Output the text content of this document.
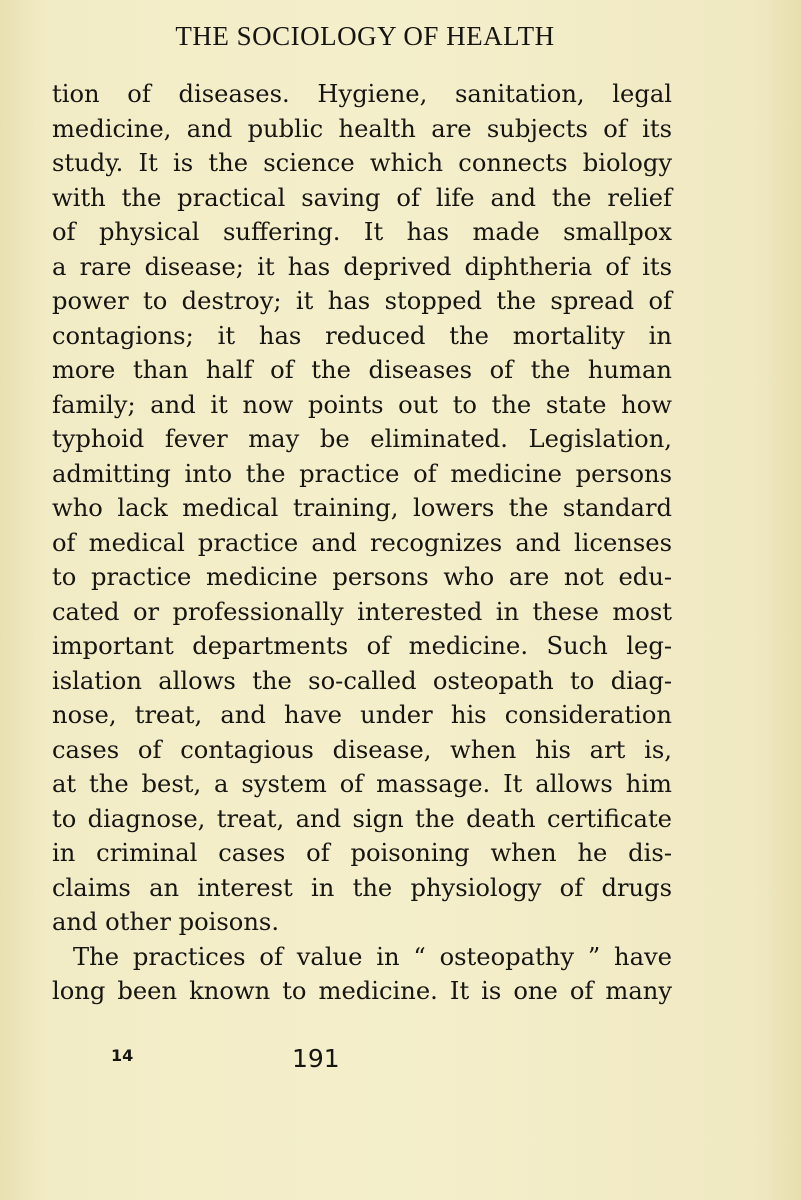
THE SOCIOLOGY OF HEALTH
tion of diseases. Hygiene, sanitation, legal
medicine, and public health are subjects of its
study. It is the science which connects biology
with the practical saving of life and the relief
of physical suffering. It has made smallpox
a rare disease; it has deprived diphtheria of its
power to destroy; it has stopped the spread of
contagions; it has reduced the mortality in
more than half of the diseases of the human
family; and it now points out to the state how
typhoid fever may be eliminated. Legislation,
admitting into the practice of medicine persons
who lack medical training, lowers the standard
of medical practice and recognizes and licenses
to practice medicine persons who are not edu-
cated or professionally interested in these most
important departments of medicine. Such leg-
islation allows the so-called osteopath to diag-
nose, treat, and have under his consideration
cases of contagious disease, when his art is,
at the best, a system of massage. It allows him
to diagnose, treat, and sign the death certificate
in criminal cases of poisoning when he dis-
claims an interest in the physiology of drugs
and other poisons.
The practices of value in “ osteopathy ” have
long been known to medicine. It is one of many
14	191
